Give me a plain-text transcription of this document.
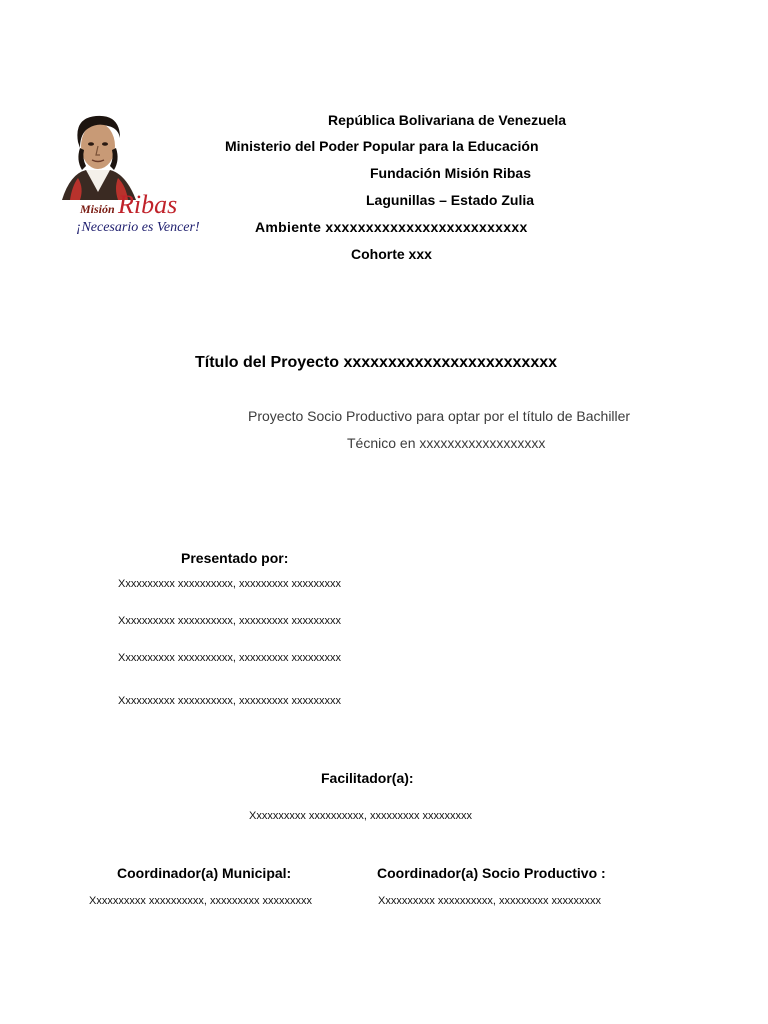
Misión Ribas
¡Necesario es Vencer!
República Bolivariana de Venezuela
Ministerio del Poder Popular para la Educación
Fundación Misión Ribas
Lagunillas – Estado Zulia
Ambiente xxxxxxxxxxxxxxxxxxxxxxxxx
Cohorte xxx
Título del Proyecto xxxxxxxxxxxxxxxxxxxxxxxx
Proyecto Socio Productivo para optar por el título de Bachiller
Técnico en xxxxxxxxxxxxxxxxxx
Presentado por:
Xxxxxxxxxx xxxxxxxxxx, xxxxxxxxx xxxxxxxxx
Xxxxxxxxxx xxxxxxxxxx, xxxxxxxxx xxxxxxxxx
Xxxxxxxxxx xxxxxxxxxx, xxxxxxxxx xxxxxxxxx
Xxxxxxxxxx xxxxxxxxxx, xxxxxxxxx xxxxxxxxx
Facilitador(a):
Xxxxxxxxxx xxxxxxxxxx, xxxxxxxxx xxxxxxxxx
Coordinador(a) Municipal:
Xxxxxxxxxx xxxxxxxxxx, xxxxxxxxx xxxxxxxxx
Coordinador(a) Socio Productivo :
Xxxxxxxxxx xxxxxxxxxx, xxxxxxxxx xxxxxxxxx
